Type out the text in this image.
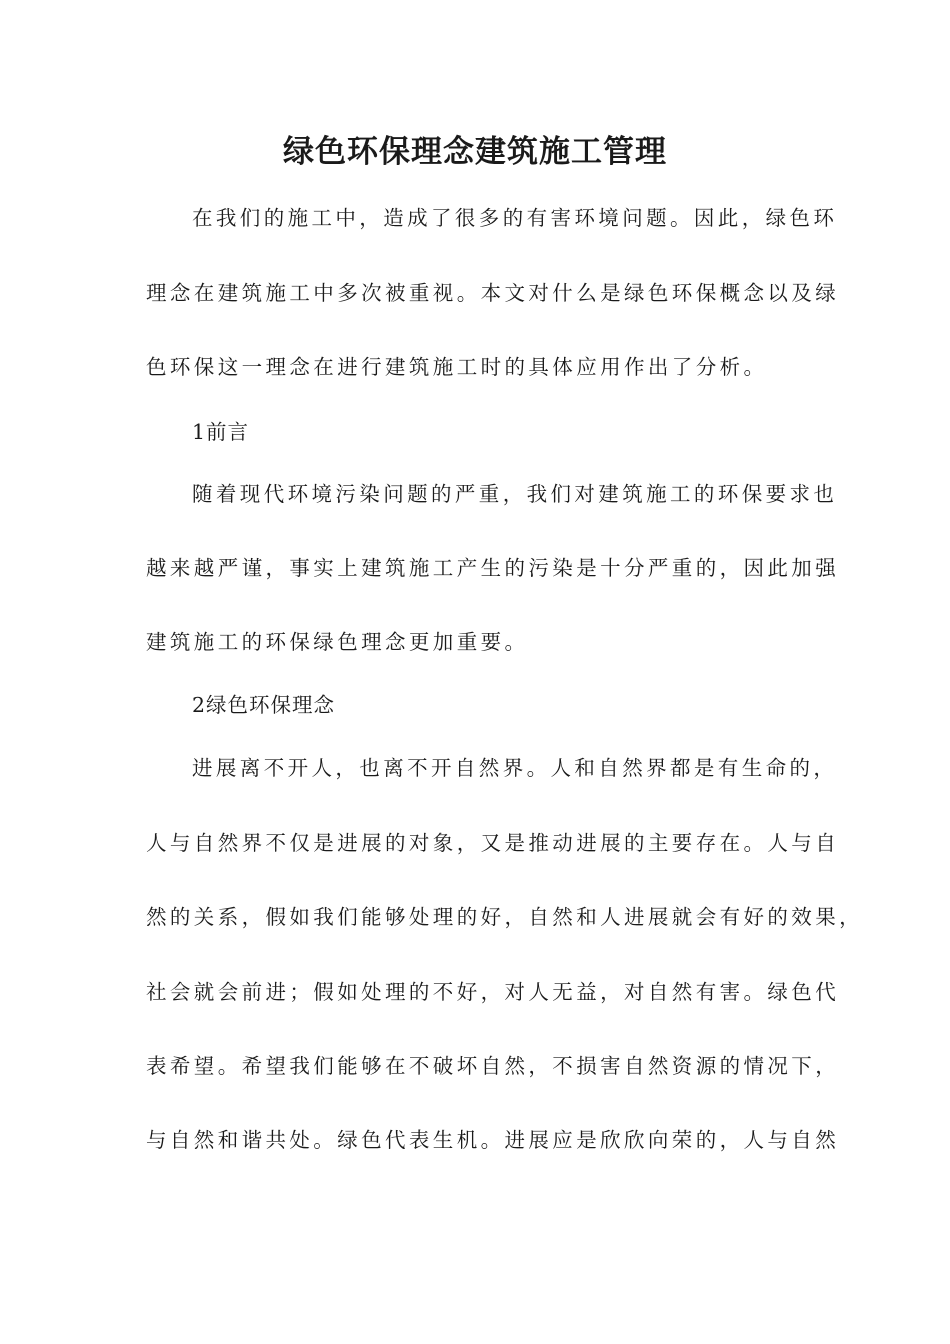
绿色环保理念建筑施工管理
在我们的施工中，造成了很多的有害环境问题。因此，绿色环
理念在建筑施工中多次被重视。本文对什么是绿色环保概念以及绿
色环保这一理念在进行建筑施工时的具体应用作出了分析。
1前言
随着现代环境污染问题的严重，我们对建筑施工的环保要求也
越来越严谨，事实上建筑施工产生的污染是十分严重的，因此加强
建筑施工的环保绿色理念更加重要。
2绿色环保理念
进展离不开人，也离不开自然界。人和自然界都是有生命的，
人与自然界不仅是进展的对象，又是推动进展的主要存在。人与自
然的关系，假如我们能够处理的好，自然和人进展就会有好的效果，
社会就会前进；假如处理的不好，对人无益，对自然有害。绿色代
表希望。希望我们能够在不破坏自然，不损害自然资源的情况下，
与自然和谐共处。绿色代表生机。进展应是欣欣向荣的，人与自然
